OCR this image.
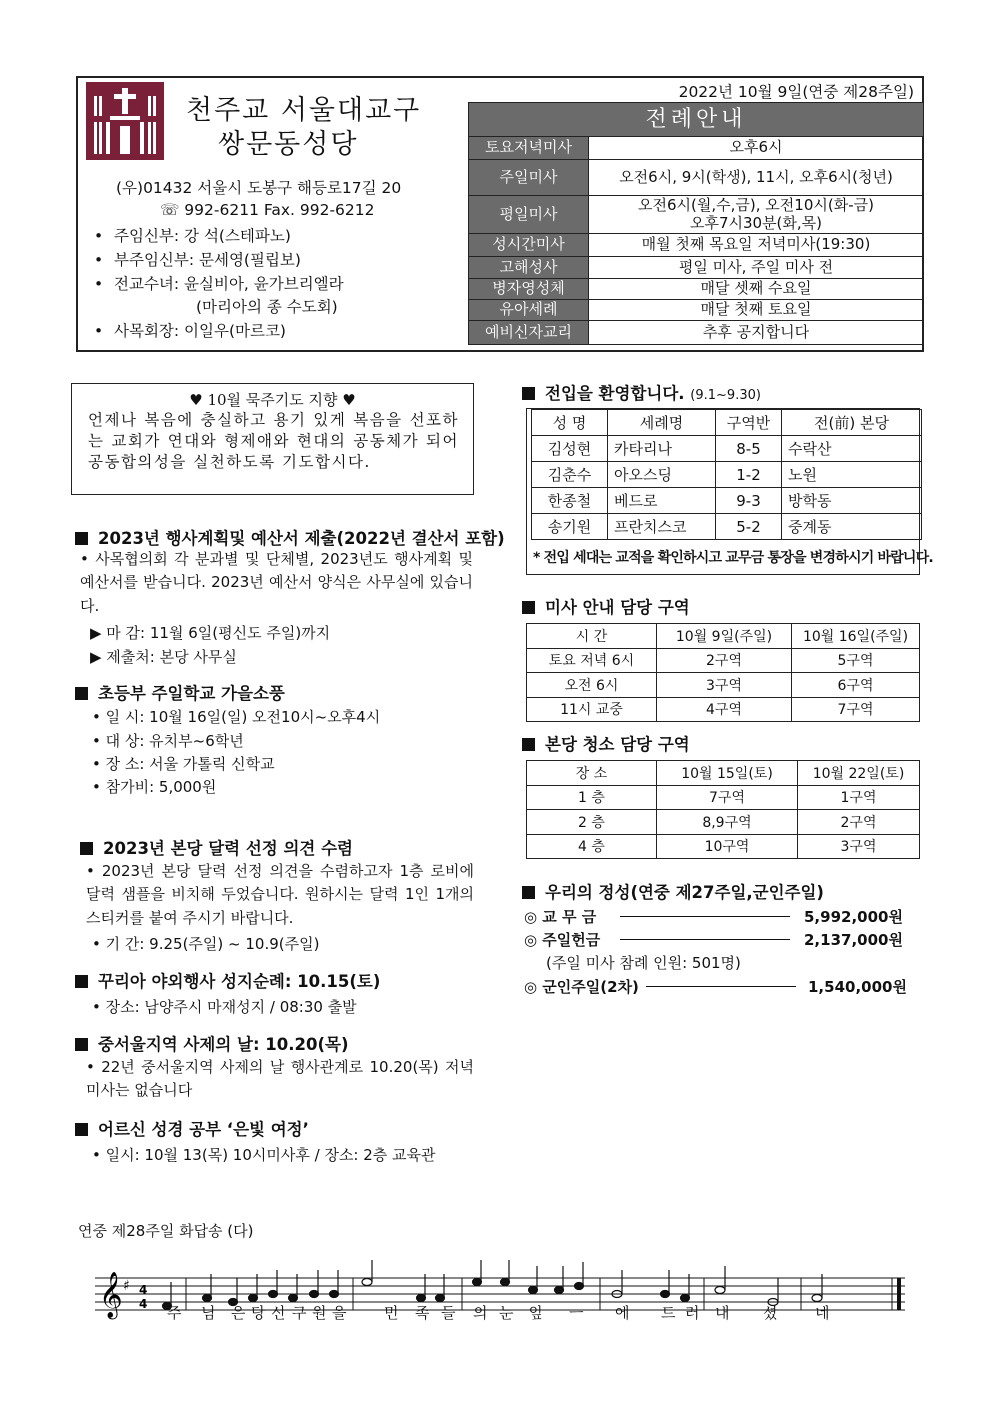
천주교 서울대교구
쌍문동성당
(우)01432 서울시 도봉구 해등로17길 20
☏ 992-6211 Fax. 992-6212
• 주임신부: 강 석(스테파노)
• 부주임신부: 문세영(필립보)
• 전교수녀: 윤실비아, 윤가브리엘라
(마리아의 종 수도회)
• 사목회장: 이일우(마르코)
2022년 10월 9일(연중 제28주일)
전례안내	
토요저녁미사	오후6시
주일미사	오전6시, 9시(학생), 11시, 오후6시(청년)
평일미사	오전6시(월,수,금), 오전10시(화-금)
오후7시30분(화,목)

성시간미사	매월 첫째 목요일 저녁미사(19:30)
고해성사	평일 미사, 주일 미사 전
병자영성체	매달 셋째 수요일
유아세례	매달 첫째 토요일
예비신자교리	추후 공지합니다
♥ 10월 묵주기도 지향 ♥
언제나 복음에 충실하고 용기 있게 복음을 선포하는 교회가 연대와 형제애와 현대의 공동체가 되어 공동합의성을 실천하도록 기도합시다.
2023년 행사계획및 예산서 제출(2022년 결산서 포함)
• 사목협의회 각 분과별 및 단체별, 2023년도 행사계획 및 예산서를 받습니다. 2023년 예산서 양식은 사무실에 있습니다.
▶ 마 감: 11월 6일(평신도 주일)까지
▶ 제출처: 본당 사무실
초등부 주일학교 가을소풍
• 일 시: 10월 16일(일) 오전10시~오후4시
• 대 상: 유치부~6학년
• 장 소: 서울 가톨릭 신학교
• 참가비: 5,000원
2023년 본당 달력 선정 의견 수렴
• 2023년 본당 달력 선정 의견을 수렴하고자 1층 로비에 달력 샘플을 비치해 두었습니다. 원하시는 달력 1인 1개의 스티커를 붙여 주시기 바랍니다.
• 기 간: 9.25(주일) ~ 10.9(주일)
꾸리아 야외행사 성지순례: 10.15(토)
• 장소: 남양주시 마재성지 / 08:30 출발
중서울지역 사제의 날: 10.20(목)
• 22년 중서울지역 사제의 날 행사관계로 10.20(목) 저녁미사는 없습니다
어르신 성경 공부 ‘은빛 여정’
• 일시: 10월 13(목) 10시미사후 / 장소: 2층 교육관
전입을 환영합니다. (9.1~9.30)
성 명	세례명	구역반	전(前) 본당
김성현	카타리나	8-5	수락산
김춘수	아오스딩	1-2	노원
한종철	베드로	9-3	방학동
송기원	프란치스코	5-2	중계동
* 전입 세대는 교적을 확인하시고 교무금 통장을 변경하시기 바랍니다.
미사 안내 담당 구역
시 간	10월 9일(주일)	10월 16일(주일)
토요 저녁 6시	2구역	5구역
오전 6시	3구역	6구역
11시 교중	4구역	7구역
본당 청소 담당 구역
장 소	10월 15일(토)	10월 22일(토)
1 층	7구역	1구역
2 층	8,9구역	2구역
4 층	10구역	3구역
우리의 정성(연중 제27주일,군인주일)
◎ 교 무 금	5,992,000원
◎ 주일헌금	2,137,000원
(주일 미사 참례 인원: 501명)
◎ 군인주일(2차)	1,540,000원
연중 제28주일 화답송 (다)
𝄞 ♯ 4
4 주 님 은 당 신 구 원 을	민 족 들 의 눈 앞 ㅡ 에 드 러 내 셨	네
